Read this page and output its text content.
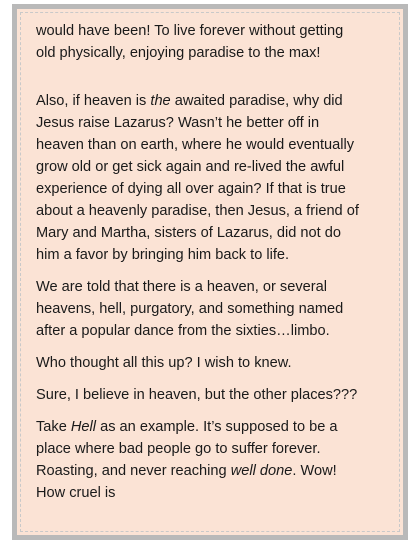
would have been! To live forever without getting old physically, enjoying paradise to the max!

Also, if heaven is the awaited paradise, why did Jesus raise Lazarus? Wasn’t he better off in heaven than on earth, where he would eventually grow old or get sick again and re-lived the awful experience of dying all over again? If that is true about a heavenly paradise, then Jesus, a friend of Mary and Martha, sisters of Lazarus, did not do him a favor by bringing him back to life.

We are told that there is a heaven, or several heavens, hell, purgatory, and something named after a popular dance from the sixties…limbo.

Who thought all this up? I wish to knew.

Sure, I believe in heaven, but the other places???

Take Hell as an example. It’s supposed to be a place where bad people go to suffer forever. Roasting, and never reaching well done. Wow! How cruel is
